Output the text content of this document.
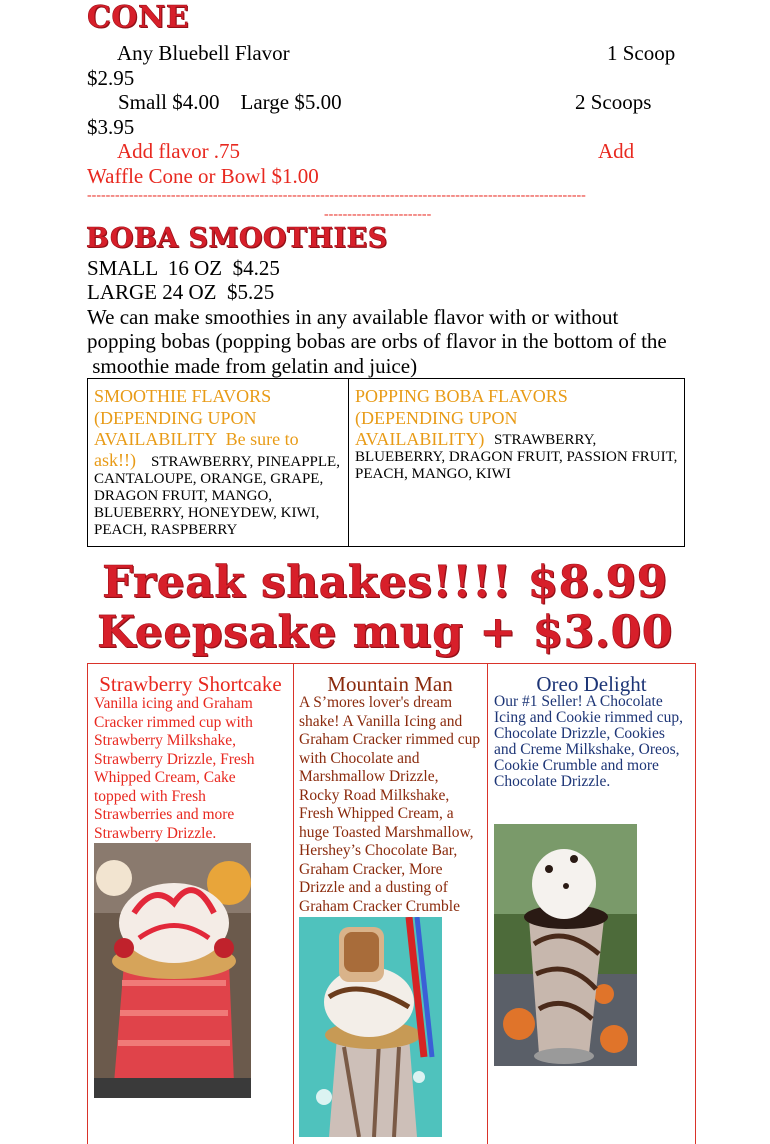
CONE
Any Bluebell Flavor	1 Scoop
$2.95
Small $4.00    Large $5.00	2 Scoops
$3.95
Add flavor .75	Add
Waffle Cone or Bowl $1.00
-----------------------------------------------------------------------------------------------------------
-----------------------
BOBA SMOOTHIES
SMALL  16 OZ  $4.25
LARGE 24 OZ  $5.25
We can make smoothies in any available flavor with or without
popping bobas (popping bobas are orbs of flavor in the bottom of the
smoothie made from gelatin and juice)
SMOOTHIE FLAVORS
(DEPENDING UPON
AVAILABILITY  Be sure to
ask!!)	STRAWBERRY, PINEAPPLE,
CANTALOUPE, ORANGE, GRAPE,
DRAGON FRUIT, MANGO,
BLUEBERRY, HONEYDEW, KIWI,
PEACH, RASPBERRY
POPPING BOBA FLAVORS
(DEPENDING UPON
AVAILABILITY) STRAWBERRY,
BLUEBERRY, DRAGON FRUIT, PASSION FRUIT,
PEACH, MANGO, KIWI
Freak shakes!!!! $8.99
Keepsake mug + $3.00
Strawberry Shortcake
Vanilla icing and Graham Cracker rimmed cup with Strawberry Milkshake, Strawberry Drizzle, Fresh Whipped Cream, Cake topped with Fresh Strawberries and more Strawberry Drizzle.
Mountain Man
A S’mores lover's dream shake! A Vanilla Icing and Graham Cracker rimmed cup with Chocolate and Marshmallow Drizzle, Rocky Road Milkshake, Fresh Whipped Cream, a huge Toasted Marshmallow, Hershey’s Chocolate Bar, Graham Cracker, More Drizzle and a dusting of Graham Cracker Crumble
Oreo Delight
Our #1 Seller! A Chocolate Icing and Cookie rimmed cup, Chocolate Drizzle, Cookies and Creme Milkshake, Oreos, Cookie Crumble and more Chocolate Drizzle.
